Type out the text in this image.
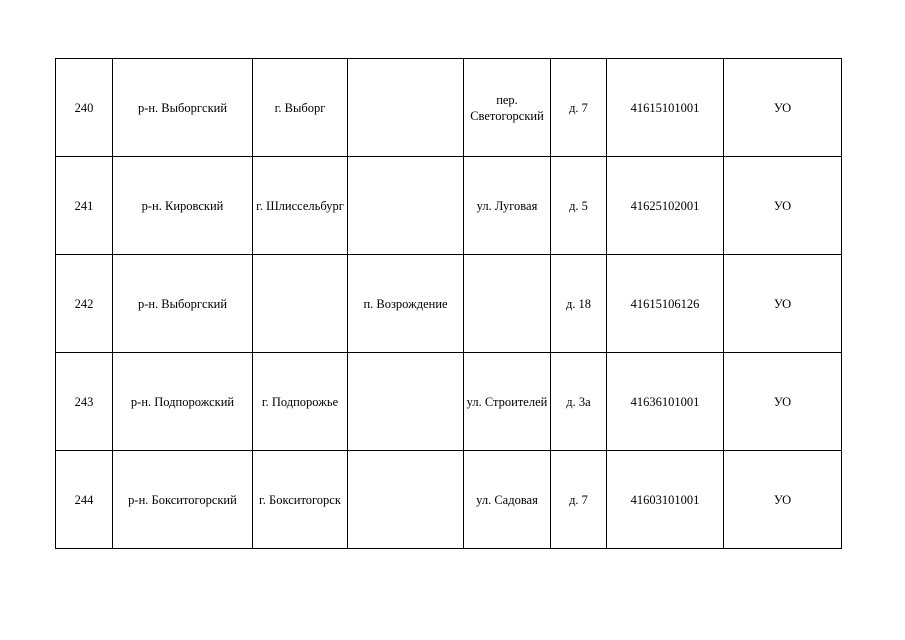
240	р-н. Выборгский	г. Выборг		пер. Светогорский	д. 7	41615101001	УО
241	р-н. Кировский	г. Шлиссельбург		ул. Луговая	д. 5	41625102001	УО
242	р-н. Выборгский		п. Возрождение		д. 18	41615106126	УО
243	р-н. Подпорожский	г. Подпорожье		ул. Строителей	д. 3а	41636101001	УО
244	р-н. Бокситогорский	г. Бокситогорск		ул. Садовая	д. 7	41603101001	УО
